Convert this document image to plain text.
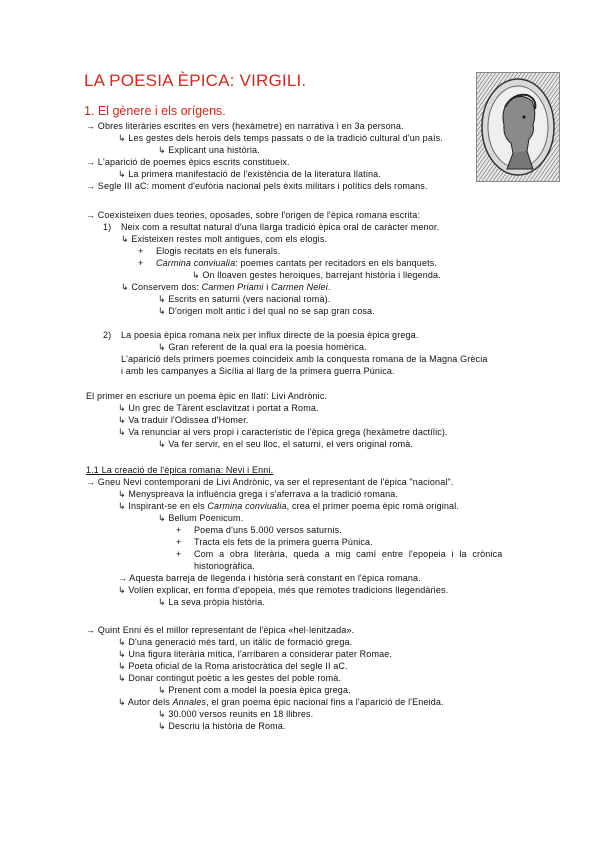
LA POESIA ÈPICA: VIRGILI.
1. El gènere i els orígens.
→ Obres literàries escrites en vers (hexàmetre) en narrativa i en 3a persona.
↳ Les gestes dels herois dels temps passats o de la tradició cultural d'un país.
↳ Explicant una història.
→ L'aparició de poemes èpics escrits constitueix.
↳ La primera manifestació de l'existència de la literatura llatina.
→ Segle III aC: moment d'eufòria nacional pels èxits militars i polítics dels romans.
→ Coexisteixen dues teories, oposades, sobre l'origen de l'èpica romana escrita:
1) Neix com a resultat natural d'una llarga tradició èpica oral de caràcter menor.
↳ Existeixen restes molt antigues, com els elogis.
+ Elogis recitats en els funerals.
+ Carmina conviualia: poemes cantats per recitadors en els banquets.
↳ On lloaven gestes heroiques, barrejant història i llegenda.
↳ Conservem dos: Carmen Priami i Carmen Nelei.
↳ Escrits en saturni (vers nacional romà).
↳ D'origen molt antic i del qual no se sap gran cosa.
2) La poesia èpica romana neix per influx directe de la poesia èpica grega.
↳ Gran referent de la qual era la poesia homèrica.
L'aparició dels primers poemes coincideix amb la conquesta romana de la Magna Grècia
i amb les campanyes a Sicília al llarg de la primera guerra Púnica.
El primer en escriure un poema èpic en llatí: Livi Andrònic.
↳ Un grec de Tàrent esclavitzat i portat a Roma.
↳ Va traduir l'Odissea d'Homer.
↳ Va renunciar al vers propi i característic de l'èpica grega (hexàmetre dactílic).
↳ Va fer servir, en el seu lloc, el saturni, el vers original romà.
1.1 La creació de l'èpica romana: Nevi i Enni.
→ Gneu Nevi contemporani de Livi Andrònic, va ser el representant de l'èpica "nacional".
↳ Menyspreava la influència grega i s'aferrava a la tradició romana.
↳ Inspirant-se en els Carmina conviualia, crea el primer poema èpic romà original.
↳ Bellum Poenicum.
+ Poema d'uns 5.000 versos saturnis.
+ Tracta els fets de la primera guerra Púnica.
+ Com a obra literària, queda a mig camí entre l'epopeia i la crònica
historiogràfica.
→ Aquesta barreja de llegenda i història serà constant en l'èpica romana.
↳ Volien explicar, en forma d'epopeia, més que remotes tradicions llegendàries.
↳ La seva pròpia història.
→ Quint Enni és el millor representant de l'èpica «hel·lenitzada».
↳ D'una generació més tard, un itàlic de formació grega.
↳ Una figura literària mítica, l'arribaren a considerar pater Romae.
↳ Poeta oficial de la Roma aristocràtica del segle II aC.
↳ Donar contingut poètic a les gestes del poble romà.
↳ Prenent com a model la poesia èpica grega.
↳ Autor dels Annales, el gran poema èpic nacional fins a l'aparició de l'Eneida.
↳ 30.000 versos reunits en 18 llibres.
↳ Descriu la història de Roma.
